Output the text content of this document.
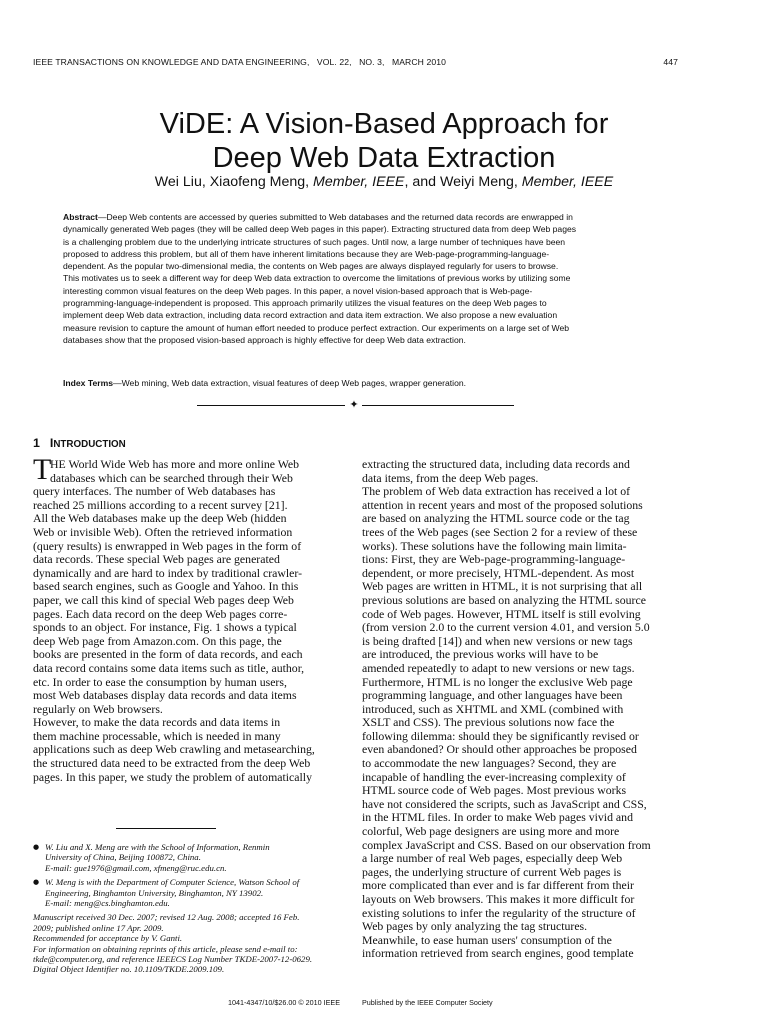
IEEE TRANSACTIONS ON KNOWLEDGE AND DATA ENGINEERING,   VOL. 22,   NO. 3,   MARCH 2010	447
ViDE: A Vision-Based Approach for
Deep Web Data Extraction
Wei Liu, Xiaofeng Meng, Member, IEEE, and Weiyi Meng, Member, IEEE
Abstract—Deep Web contents are accessed by queries submitted to Web databases and the returned data records are enwrapped in
dynamically generated Web pages (they will be called deep Web pages in this paper). Extracting structured data from deep Web pages
is a challenging problem due to the underlying intricate structures of such pages. Until now, a large number of techniques have been
proposed to address this problem, but all of them have inherent limitations because they are Web-page-programming-language-
dependent. As the popular two-dimensional media, the contents on Web pages are always displayed regularly for users to browse.
This motivates us to seek a different way for deep Web data extraction to overcome the limitations of previous works by utilizing some
interesting common visual features on the deep Web pages. In this paper, a novel vision-based approach that is Web-page-
programming-language-independent is proposed. This approach primarily utilizes the visual features on the deep Web pages to
implement deep Web data extraction, including data record extraction and data item extraction. We also propose a new evaluation
measure revision to capture the amount of human effort needed to produce perfect extraction. Our experiments on a large set of Web
databases show that the proposed vision-based approach is highly effective for deep Web data extraction.
Index Terms—Web mining, Web data extraction, visual features of deep Web pages, wrapper generation.
✦
1 INTRODUCTION
T
HE World Wide Web has more and more online Web
databases which can be searched through their Web
query interfaces. The number of Web databases has
reached 25 millions according to a recent survey [21].
All the Web databases make up the deep Web (hidden
Web or invisible Web). Often the retrieved information
(query results) is enwrapped in Web pages in the form of
data records. These special Web pages are generated
dynamically and are hard to index by traditional crawler-
based search engines, such as Google and Yahoo. In this
paper, we call this kind of special Web pages deep Web
pages. Each data record on the deep Web pages corre-
sponds to an object. For instance, Fig. 1 shows a typical
deep Web page from Amazon.com. On this page, the
books are presented in the form of data records, and each
data record contains some data items such as title, author,
etc. In order to ease the consumption by human users,
most Web databases display data records and data items
regularly on Web browsers.
However, to make the data records and data items in
them machine processable, which is needed in many
applications such as deep Web crawling and metasearching,
the structured data need to be extracted from the deep Web
pages. In this paper, we study the problem of automatically
extracting the structured data, including data records and
data items, from the deep Web pages.
The problem of Web data extraction has received a lot of
attention in recent years and most of the proposed solutions
are based on analyzing the HTML source code or the tag
trees of the Web pages (see Section 2 for a review of these
works). These solutions have the following main limita-
tions: First, they are Web-page-programming-language-
dependent, or more precisely, HTML-dependent. As most
Web pages are written in HTML, it is not surprising that all
previous solutions are based on analyzing the HTML source
code of Web pages. However, HTML itself is still evolving
(from version 2.0 to the current version 4.01, and version 5.0
is being drafted [14]) and when new versions or new tags
are introduced, the previous works will have to be
amended repeatedly to adapt to new versions or new tags.
Furthermore, HTML is no longer the exclusive Web page
programming language, and other languages have been
introduced, such as XHTML and XML (combined with
XSLT and CSS). The previous solutions now face the
following dilemma: should they be significantly revised or
even abandoned? Or should other approaches be proposed
to accommodate the new languages? Second, they are
incapable of handling the ever-increasing complexity of
HTML source code of Web pages. Most previous works
have not considered the scripts, such as JavaScript and CSS,
in the HTML files. In order to make Web pages vivid and
colorful, Web page designers are using more and more
complex JavaScript and CSS. Based on our observation from
a large number of real Web pages, especially deep Web
pages, the underlying structure of current Web pages is
more complicated than ever and is far different from their
layouts on Web browsers. This makes it more difficult for
existing solutions to infer the regularity of the structure of
Web pages by only analyzing the tag structures.
Meanwhile, to ease human users' consumption of the
information retrieved from search engines, good template
● W. Liu and X. Meng are with the School of Information, Renmin
University of China, Beijing 100872, China.
E-mail: gue1976@gmail.com, xfmeng@ruc.edu.cn.
● W. Meng is with the Department of Computer Science, Watson School of
Engineering, Binghamton University, Binghamton, NY 13902.
E-mail: meng@cs.binghamton.edu.
Manuscript received 30 Dec. 2007; revised 12 Aug. 2008; accepted 16 Feb.
2009; published online 17 Apr. 2009.
Recommended for acceptance by V. Ganti.
For information on obtaining reprints of this article, please send e-mail to:
tkde@computer.org, and reference IEEECS Log Number TKDE-2007-12-0629.
Digital Object Identifier no. 10.1109/TKDE.2009.109.
1041-4347/10/$26.00 © 2010 IEEE	Published by the IEEE Computer Society
